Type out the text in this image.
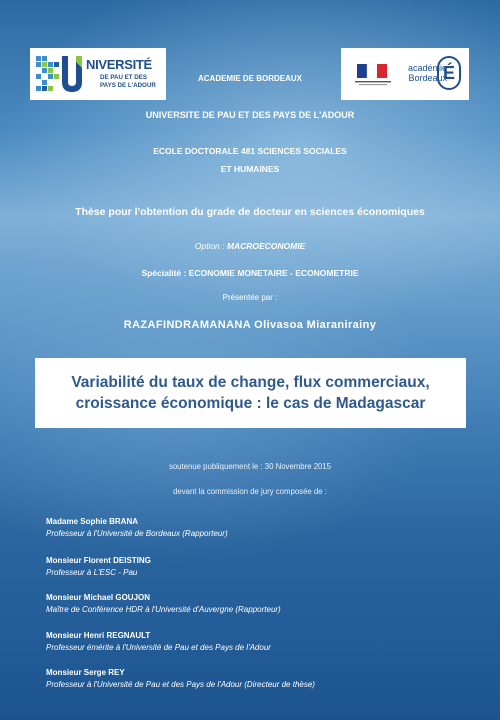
NIVERSITÉ
DE PAU ET DES
PAYS DE L'ADOUR
académie
Bordeaux
É
ACADEMIE DE BORDEAUX
UNIVERSITE DE PAU ET DES PAYS DE L'ADOUR
ECOLE DOCTORALE 481 SCIENCES SOCIALES
ET HUMAINES
Thèse pour l'obtention du grade de docteur en sciences économiques
Option : MACROECONOMIE
Spécialité : ECONOMIE MONETAIRE - ECONOMETRIE
Présentée par :
RAZAFINDRAMANANA Olivasoa Miaranirainy
Variabilité du taux de change, flux commerciaux,
croissance économique : le cas de Madagascar
soutenue publiquement le : 30 Novembre 2015
devant la commission de jury composée de :
Madame Sophie BRANA
Professeur à l'Université de Bordeaux (Rapporteur)
Monsieur Florent DEISTING
Professeur à L'ESC - Pau
Monsieur Michael GOUJON
Maître de Conférence HDR à l'Université d'Auvergne (Rapporteur)
Monsieur Henri REGNAULT
Professeur émérite à l'Université de Pau et des Pays de l'Adour
Monsieur Serge REY
Professeur à l'Université de Pau et des Pays de l'Adour (Directeur de thèse)
